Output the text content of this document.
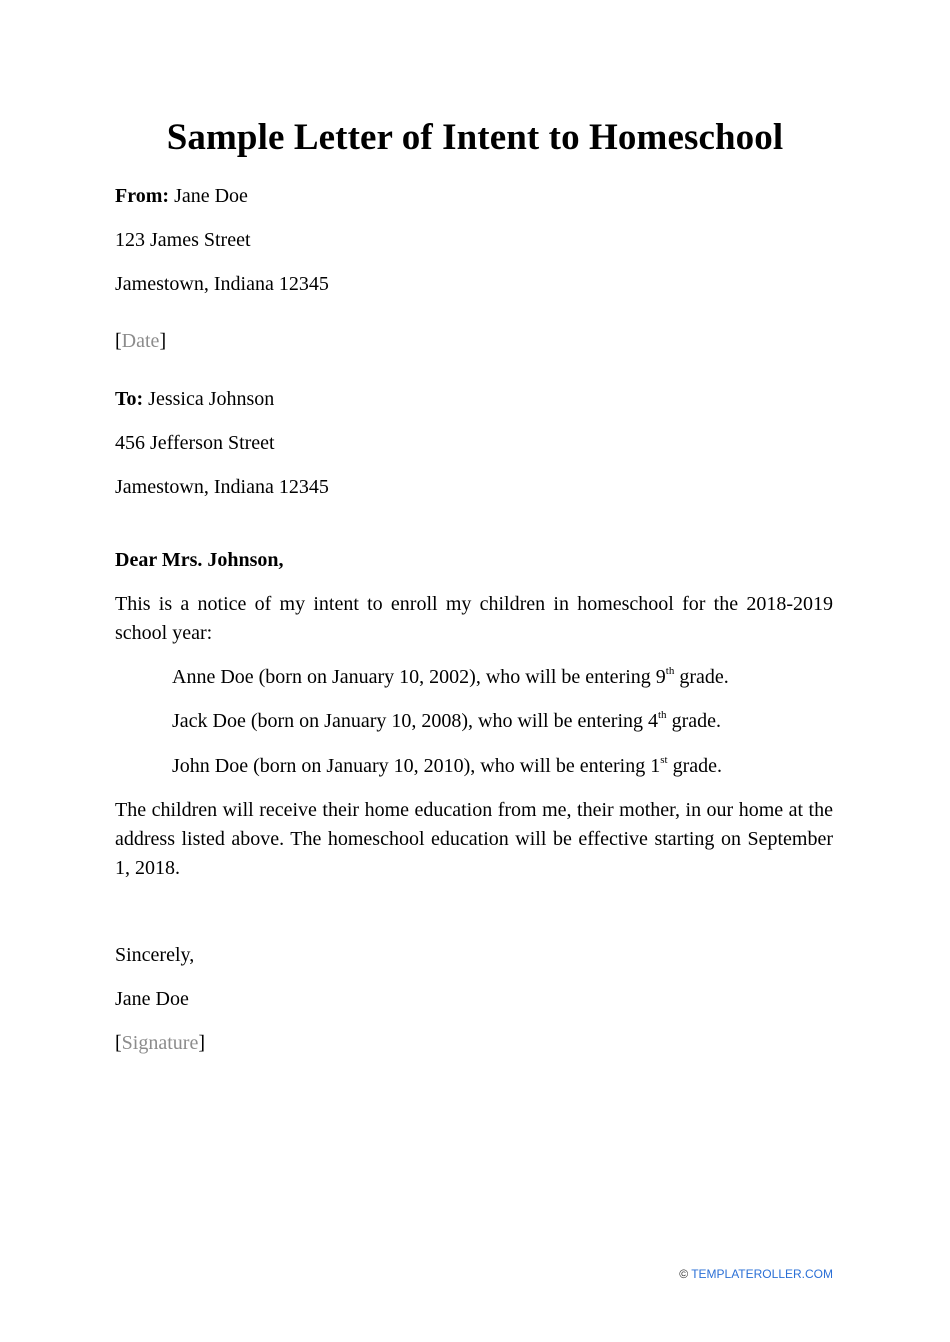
Sample Letter of Intent to Homeschool
From: Jane Doe
123 James Street
Jamestown, Indiana 12345
[Date]
To: Jessica Johnson
456 Jefferson Street
Jamestown, Indiana 12345
Dear Mrs. Johnson,
This is a notice of my intent to enroll my children in homeschool for the 2018-2019 school year:
Anne Doe (born on January 10, 2002), who will be entering 9th grade.
Jack Doe (born on January 10, 2008), who will be entering 4th grade.
John Doe (born on January 10, 2010), who will be entering 1st grade.
The children will receive their home education from me, their mother, in our home at the address listed above. The homeschool education will be effective starting on September 1, 2018.
Sincerely,
Jane Doe
[Signature]
© TEMPLATEROLLER.COM
